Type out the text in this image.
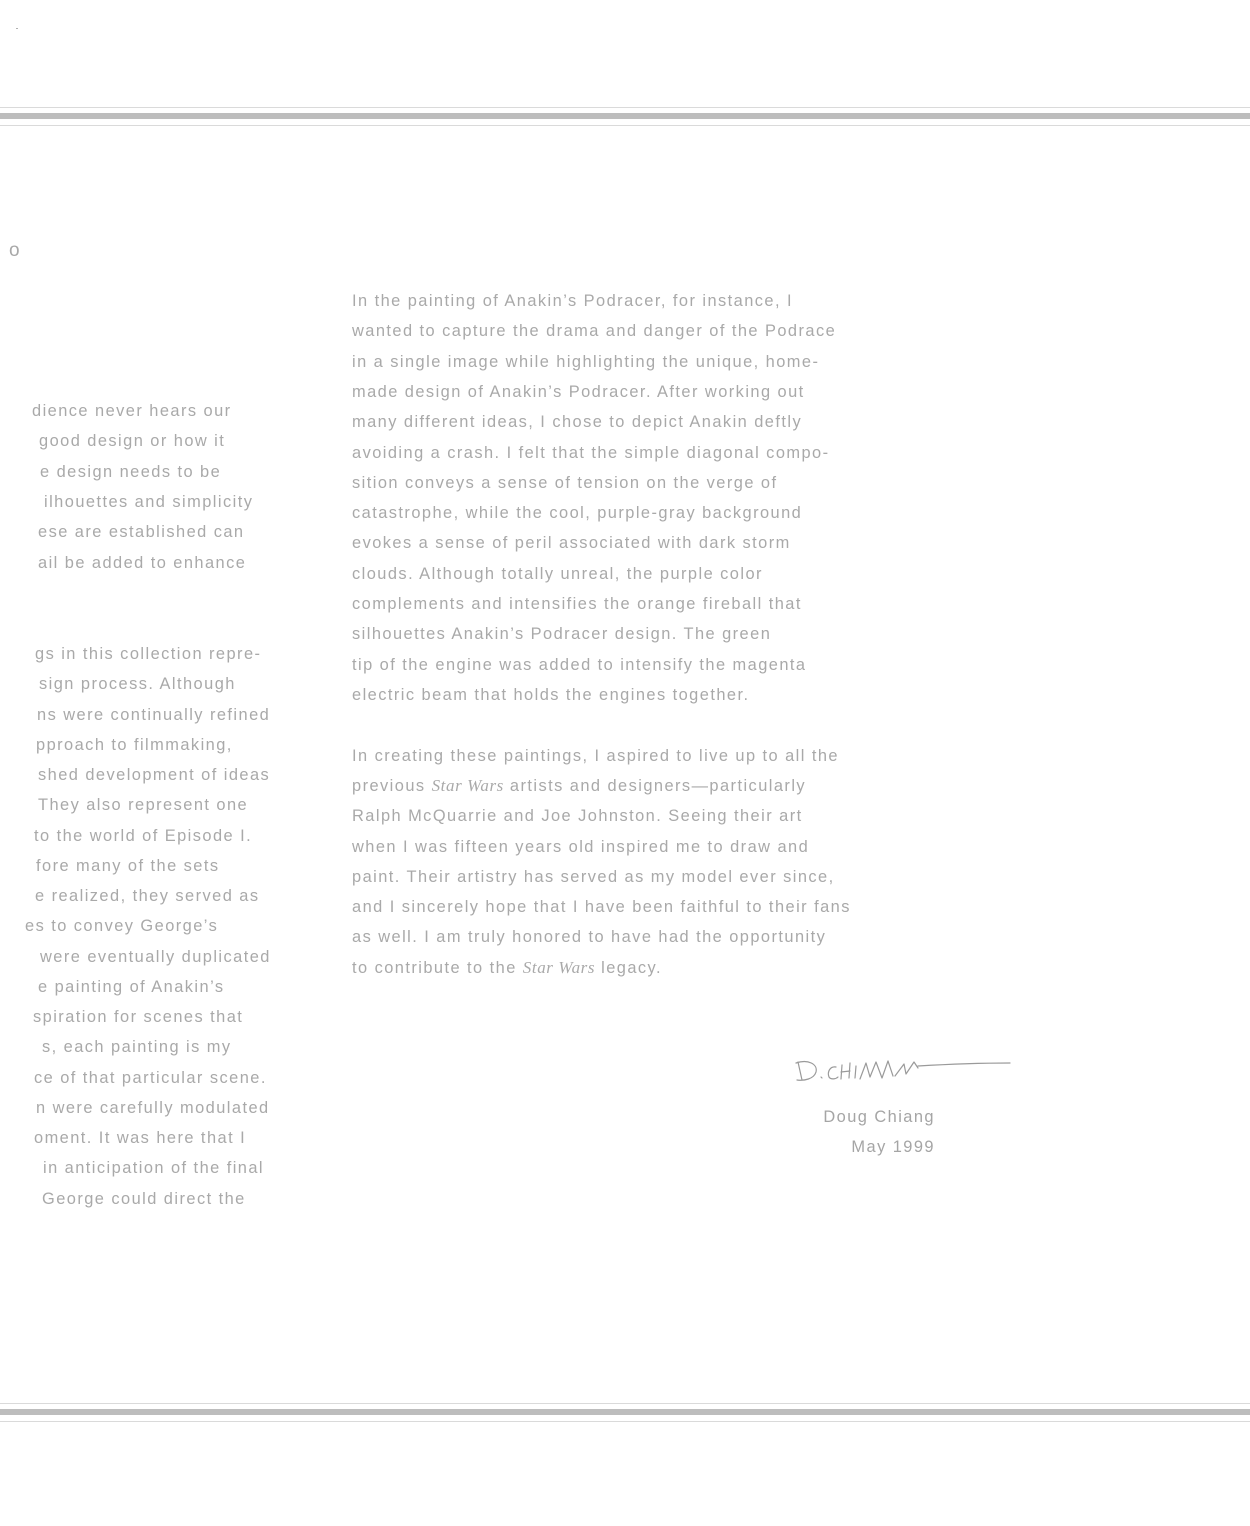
o
dience never hears our
good design or how it
e design needs to be
ilhouettes and simplicity
ese are established can
ail be added to enhance
gs in this collection repre-
sign process. Although
ns were continually refined
pproach to filmmaking,
shed development of ideas
They also represent one
to the world of Episode I.
fore many of the sets
e realized, they served as
es to convey George’s
were eventually duplicated
e painting of Anakin’s
spiration for scenes that
s, each painting is my
ce of that particular scene.
n were carefully modulated
oment. It was here that I
in anticipation of the final
George could direct the
In the painting of Anakin’s Podracer, for instance, I
wanted to capture the drama and danger of the Podrace
in a single image while highlighting the unique, home-
made design of Anakin’s Podracer. After working out
many different ideas, I chose to depict Anakin deftly
avoiding a crash. I felt that the simple diagonal compo-
sition conveys a sense of tension on the verge of
catastrophe, while the cool, purple-gray background
evokes a sense of peril associated with dark storm
clouds. Although totally unreal, the purple color
complements and intensifies the orange fireball that
silhouettes Anakin’s Podracer design. The green
tip of the engine was added to intensify the magenta
electric beam that holds the engines together.
In creating these paintings, I aspired to live up to all the
previous Star Wars artists and designers—particularly
Ralph McQuarrie and Joe Johnston. Seeing their art
when I was fifteen years old inspired me to draw and
paint. Their artistry has served as my model ever since,
and I sincerely hope that I have been faithful to their fans
as well. I am truly honored to have had the opportunity
to contribute to the Star Wars legacy.
Doug Chiang
May 1999
